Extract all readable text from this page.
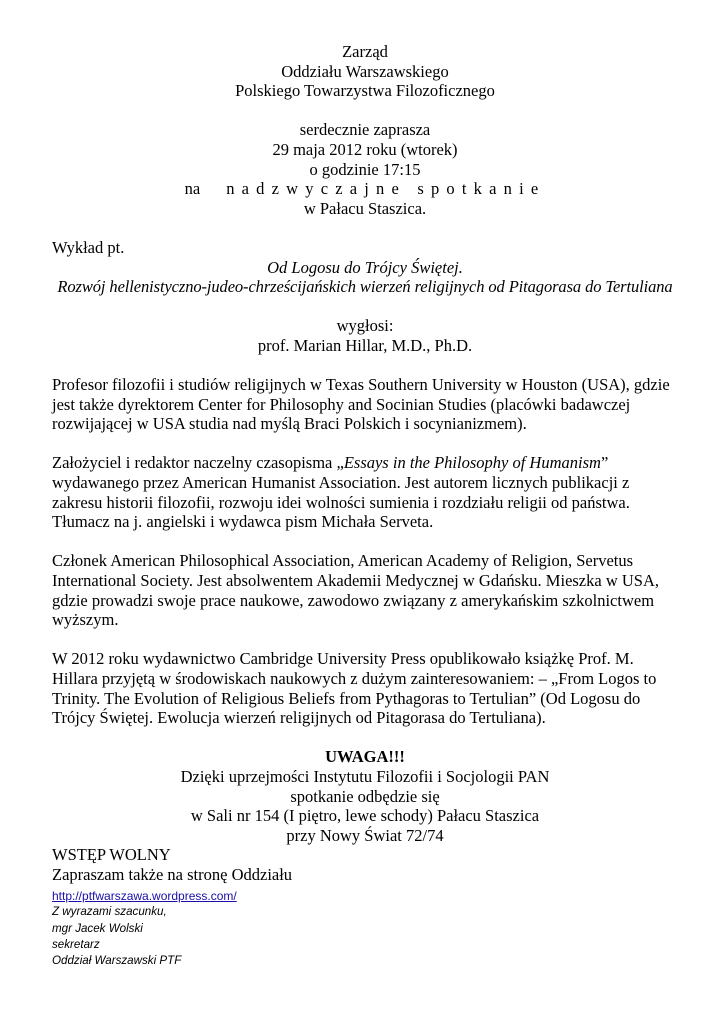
Zarząd
Oddziału Warszawskiego
Polskiego Towarzystwa Filozoficznego
serdecznie zaprasza
29 maja 2012 roku (wtorek)
o godzinie 17:15
na nadzwyczajne spotkanie
w Pałacu Staszica.
Wykład pt.
Od Logosu do Trójcy Świętej.
Rozwój hellenistyczno-judeo-chrześcijańskich wierzeń religijnych od Pitagorasa do Tertuliana
wygłosi:
prof. Marian Hillar, M.D., Ph.D.

Profesor filozofii i studiów religijnych w Texas Southern University w Houston (USA), gdzie jest także dyrektorem Center for Philosophy and Socinian Studies (placówki badawczej rozwijającej w USA studia nad myślą Braci Polskich i socynianizmem).

Założyciel i redaktor naczelny czasopisma „Essays in the Philosophy of Humanism” wydawanego przez American Humanist Association. Jest autorem licznych publikacji z zakresu historii filozofii, rozwoju idei wolności sumienia i rozdziału religii od państwa. Tłumacz na j. angielski i wydawca pism Michała Serveta.

Członek American Philosophical Association, American Academy of Religion, Servetus International Society. Jest absolwentem Akademii Medycznej w Gdańsku. Mieszka w USA, gdzie prowadzi swoje prace naukowe, zawodowo związany z amerykańskim szkolnictwem wyższym.

W 2012 roku wydawnictwo Cambridge University Press opublikowało książkę Prof. M. Hillara przyjętą w środowiskach naukowych z dużym zainteresowaniem: – „From Logos to Trinity. The Evolution of Religious Beliefs from Pythagoras to Tertulian” (Od Logosu do Trójcy Świętej. Ewolucja wierzeń religijnych od Pitagorasa do Tertuliana).

UWAGA!!!
Dzięki uprzejmości Instytutu Filozofii i Socjologii PAN
spotkanie odbędzie się
w Sali nr 154 (I piętro, lewe schody) Pałacu Staszica
przy Nowy Świat 72/74
WSTĘP WOLNY
Zapraszam także na stronę Oddziału
http://ptfwarszawa.wordpress.com/
Z wyrazami szacunku,
mgr Jacek Wolski
sekretarz
Oddział Warszawski PTF
